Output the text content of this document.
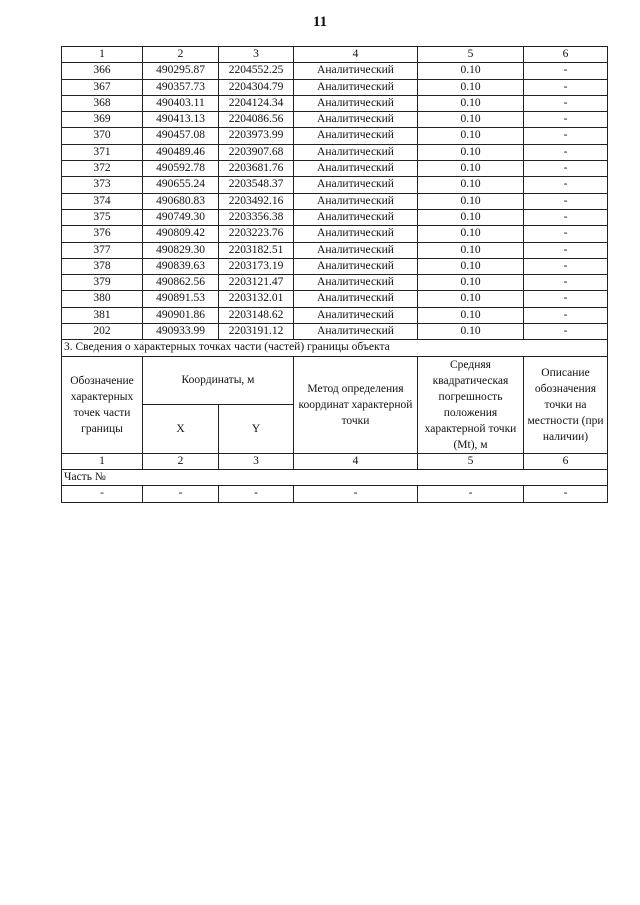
11
1	2	3	4	5	6
366	490295.87	2204552.25	Аналитический	0.10	-
367	490357.73	2204304.79	Аналитический	0.10	-
368	490403.11	2204124.34	Аналитический	0.10	-
369	490413.13	2204086.56	Аналитический	0.10	-
370	490457.08	2203973.99	Аналитический	0.10	-
371	490489.46	2203907.68	Аналитический	0.10	-
372	490592.78	2203681.76	Аналитический	0.10	-
373	490655.24	2203548.37	Аналитический	0.10	-
374	490680.83	2203492.16	Аналитический	0.10	-
375	490749.30	2203356.38	Аналитический	0.10	-
376	490809.42	2203223.76	Аналитический	0.10	-
377	490829.30	2203182.51	Аналитический	0.10	-
378	490839.63	2203173.19	Аналитический	0.10	-
379	490862.56	2203121.47	Аналитический	0.10	-
380	490891.53	2203132.01	Аналитический	0.10	-
381	490901.86	2203148.62	Аналитический	0.10	-
202	490933.99	2203191.12	Аналитический	0.10	-
3. Сведения о характерных точках части (частей) границы объекта					
Обозначение характерных точек части границы	Координаты, м		Метод определения координат характерной точки	Средняя квадратическая погрешность положения характерной точки (Mt), м	Описание обозначения точки на местности (при наличии)
	X	Y			
1	2	3	4	5	6
Часть №					
-	-	-	-	-	-
